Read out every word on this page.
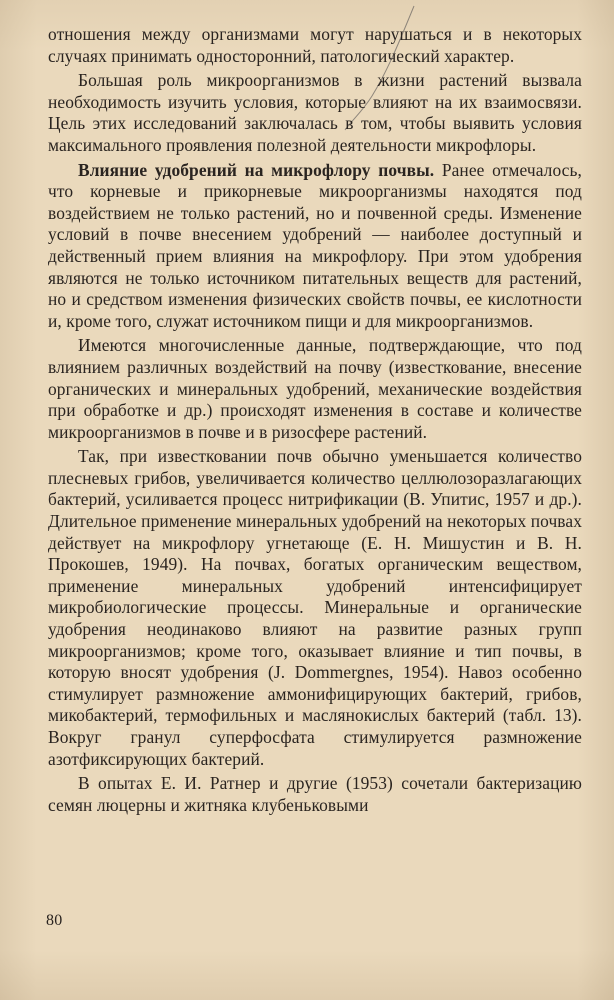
отношения между организмами могут нарушаться и в некоторых случаях принимать односторонний, патологический характер.

Большая роль микроорганизмов в жизни растений вызвала необходимость изучить условия, которые влияют на их взаимосвязи. Цель этих исследований заключалась в том, чтобы выявить условия максимального проявления полезной деятельности микрофлоры.

Влияние удобрений на микрофлору почвы. Ранее отмечалось, что корневые и прикорневые микроорганизмы находятся под воздействием не только растений, но и почвенной среды. Изменение условий в почве внесением удобрений — наиболее доступный и действенный прием влияния на микрофлору. При этом удобрения являются не только источником питательных веществ для растений, но и средством изменения физических свойств почвы, ее кислотности и, кроме того, служат источником пищи и для микроорганизмов.

Имеются многочисленные данные, подтверждающие, что под влиянием различных воздействий на почву (известкование, внесение органических и минеральных удобрений, механические воздействия при обработке и др.) происходят изменения в составе и количестве микроорганизмов в почве и в ризосфере растений.

Так, при известковании почв обычно уменьшается количество плесневых грибов, увеличивается количество целлюлозоразлагающих бактерий, усиливается процесс нитрификации (В. Упитис, 1957 и др.). Длительное применение минеральных удобрений на некоторых почвах действует на микрофлору угнетающе (Е. Н. Мишустин и В. Н. Прокошев, 1949). На почвах, богатых органическим веществом, применение минеральных удобрений интенсифицирует микробиологические процессы. Минеральные и органические удобрения неодинаково влияют на развитие разных групп микроорганизмов; кроме того, оказывает влияние и тип почвы, в которую вносят удобрения (J. Dommergnes, 1954). Навоз особенно стимулирует размножение аммонифицирующих бактерий, грибов, микобактерий, термофильных и маслянокислых бактерий (табл. 13). Вокруг гранул суперфосфата стимулируется размножение азотфиксирующих бактерий.

В опытах Е. И. Ратнер и другие (1953) сочетали бактеризацию семян люцерны и житняка клубеньковыми

80
